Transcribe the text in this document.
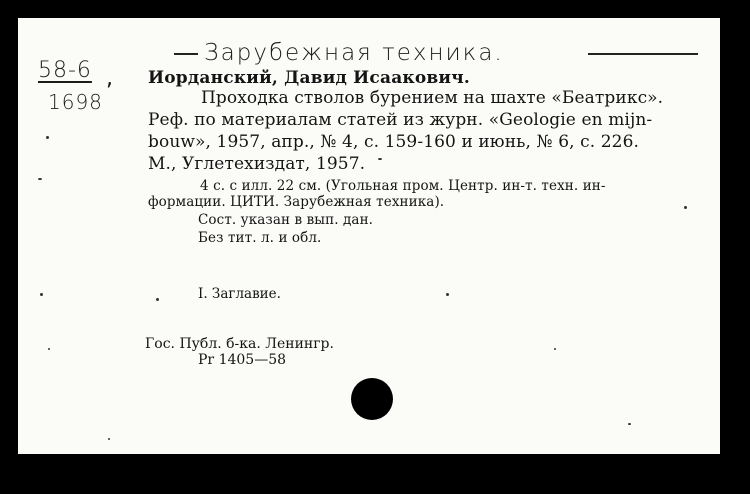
58-6 ,
1698
Зарубежная техника.
Иорданский, Давид Исаакович.
Проходка стволов бурением на шахте «Беатрикс».
Реф. по материалам статей из журн. «Geologie en mijn-
bouw», 1957, апр., № 4, с. 159-160 и июнь, № 6, с. 226.
М., Углетехиздат, 1957.
4 с. с илл. 22 см. (Угольная пром. Центр. ин-т. техн. ин-
формации. ЦИТИ. Зарубежная техника).
Сост. указан в вып. дан.
Без тит. л. и обл.
I. Заглавие.
Гос. Публ. б-ка. Ленингр.
Pr 1405—58
